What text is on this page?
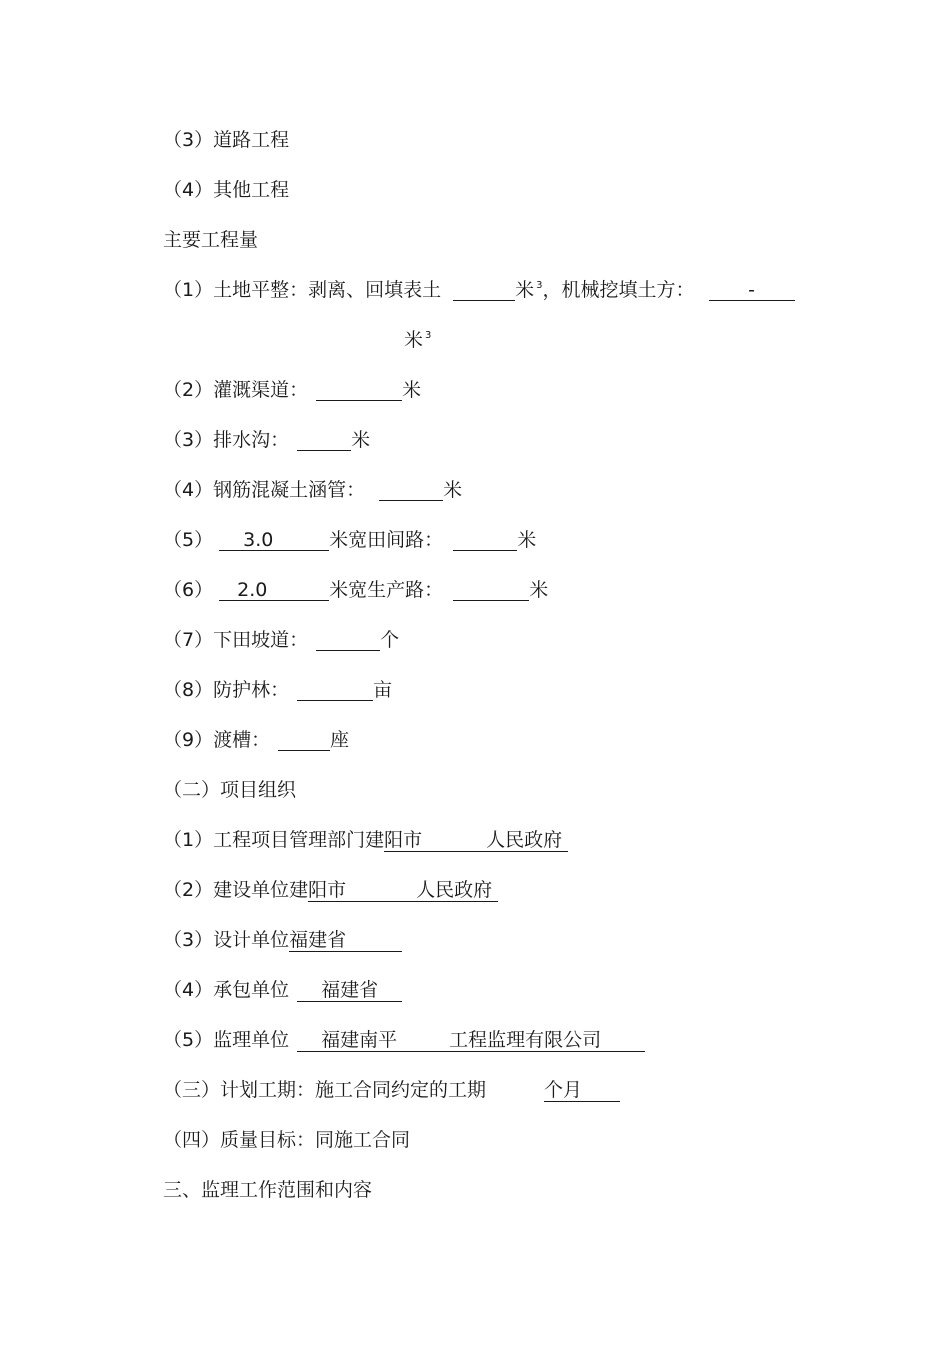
（3）道路工程
（4）其他工程
主要工程量
（1）土地平整：剥离、回填表土	米 $^3$，机械挖填土方：	-
米 $^3$
（2）灌溉渠道：	米
（3）排水沟：	米
（4）钢筋混凝土涵管：	米
（5） 3.0	米宽田间路：	米
（6） 2.0	米宽生产路：	米
（7）下田坡道：	个
（8）防护林：	亩
（9）渡槽：	座
（二）项目组织
（1）工程项目管理部门建阳市	人民政府
（2）建设单位建阳市	人民政府
（3）设计单位福建省
（4）承包单位 福建省
（5）监理单位 福建南平	工程监理有限公司
（三）计划工期：施工合同约定的工期	个月
（四）质量目标：同施工合同
三、监理工作范围和内容
